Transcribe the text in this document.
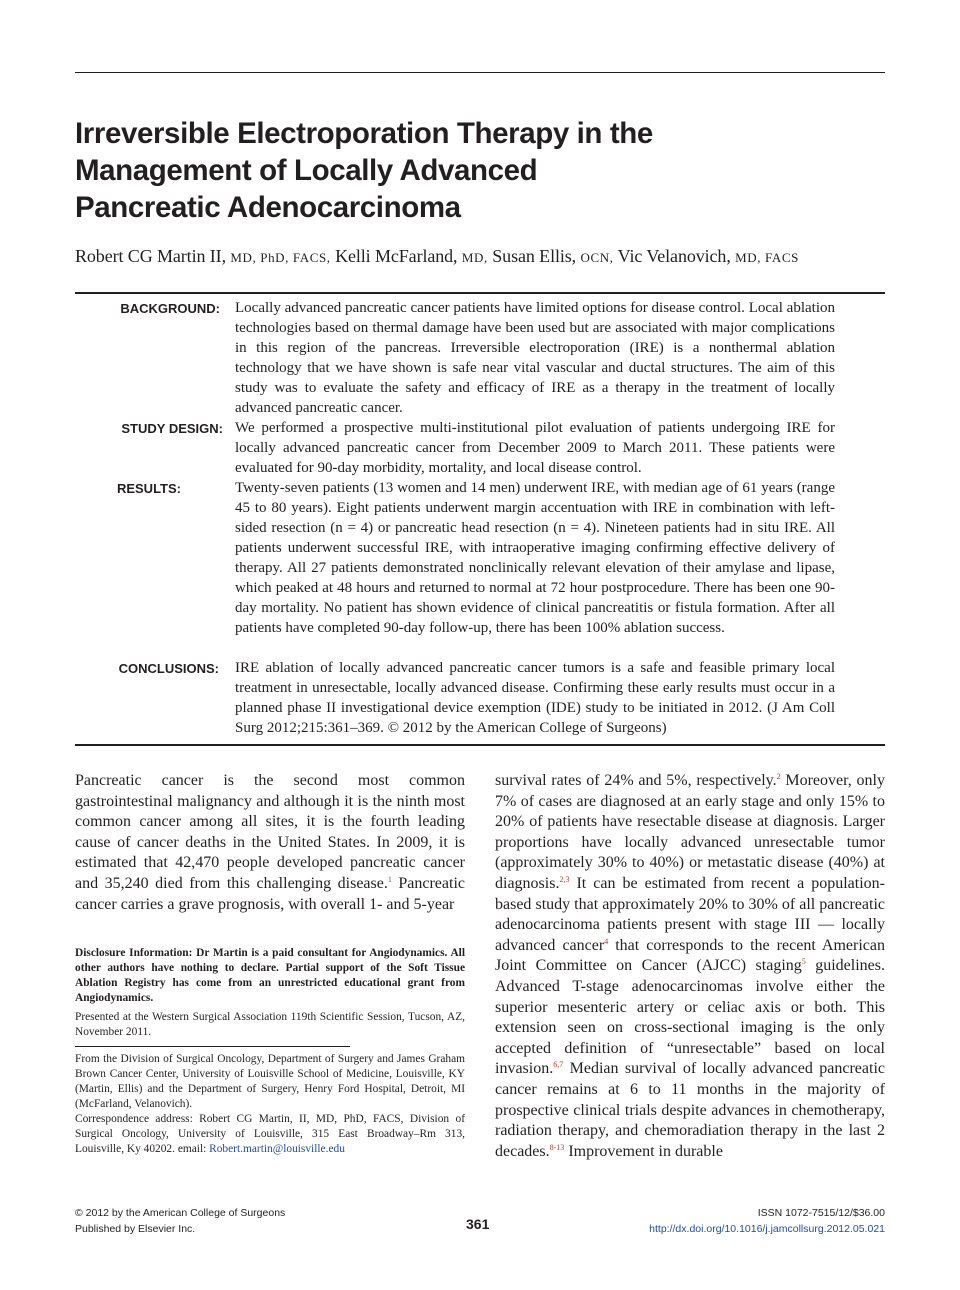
Irreversible Electroporation Therapy in the
Management of Locally Advanced
Pancreatic Adenocarcinoma
Robert CG Martin II, MD, PhD, FACS, Kelli McFarland, MD, Susan Ellis, OCN, Vic Velanovich, MD, FACS
BACKGROUND: Locally advanced pancreatic cancer patients have limited options for disease control. Local ablation technologies based on thermal damage have been used but are associated with major complications in this region of the pancreas. Irreversible electroporation (IRE) is a nonthermal ablation technology that we have shown is safe near vital vascular and ductal structures. The aim of this study was to evaluate the safety and efficacy of IRE as a therapy in the treatment of locally advanced pancreatic cancer.
STUDY DESIGN: We performed a prospective multi-institutional pilot evaluation of patients undergoing IRE for locally advanced pancreatic cancer from December 2009 to March 2011. These patients were evaluated for 90-day morbidity, mortality, and local disease control.
RESULTS:	Twenty-seven patients (13 women and 14 men) underwent IRE, with median age of 61 years (range 45 to 80 years). Eight patients underwent margin accentuation with IRE in combination with left-sided resection (n = 4) or pancreatic head resection (n = 4). Nineteen patients had in situ IRE. All patients underwent successful IRE, with intraoperative imaging confirming effective delivery of therapy. All 27 patients demonstrated nonclinically relevant elevation of their amylase and lipase, which peaked at 48 hours and returned to normal at 72 hour postprocedure. There has been one 90-day mortality. No patient has shown evidence of clinical pancreatitis or fistula formation. After all patients have completed 90-day follow-up, there has been 100% ablation success.
CONCLUSIONS: IRE ablation of locally advanced pancreatic cancer tumors is a safe and feasible primary local treatment in unresectable, locally advanced disease. Confirming these early results must occur in a planned phase II investigational device exemption (IDE) study to be initiated in 2012. (J Am Coll Surg 2012;215:361–369. © 2012 by the American College of Surgeons)

Pancreatic cancer is the second most common gastrointestinal malignancy and although it is the ninth most common cancer among all sites, it is the fourth leading cause of cancer deaths in the United States. In 2009, it is estimated that 42,470 people developed pancreatic cancer and 35,240 died from this challenging disease.$^1$ Pancreatic cancer carries a grave prognosis, with overall 1- and 5-year

Disclosure Information: Dr Martin is a paid consultant for Angiodynamics. All other authors have nothing to declare. Partial support of the Soft Tissue Ablation Registry has come from an unrestricted educational grant from Angiodynamics.

Presented at the Western Surgical Association 119th Scientific Session, Tucson, AZ, November 2011.

From the Division of Surgical Oncology, Department of Surgery and James Graham Brown Cancer Center, University of Louisville School of Medicine, Louisville, KY (Martin, Ellis) and the Department of Surgery, Henry Ford Hospital, Detroit, MI (McFarland, Velanovich).

Correspondence address: Robert CG Martin, II, MD, PhD, FACS, Division of Surgical Oncology, University of Louisville, 315 East Broadway–Rm 313, Louisville, Ky 40202. email: Robert.martin@louisville.edu

survival rates of 24% and 5%, respectively.$^2$ Moreover, only 7% of cases are diagnosed at an early stage and only 15% to 20% of patients have resectable disease at diagnosis. Larger proportions have locally advanced unresectable tumor (approximately 30% to 40%) or metastatic disease (40%) at diagnosis.$^{2,3}$ It can be estimated from recent a population-based study that approximately 20% to 30% of all pancreatic adenocarcinoma patients present with stage III — locally advanced cancer$^4$ that corresponds to the recent American Joint Committee on Cancer (AJCC) staging$^5$ guidelines. Advanced T-stage adenocarcinomas involve either the superior mesenteric artery or celiac axis or both. This extension seen on cross-sectional imaging is the only accepted definition of “unresectable” based on local invasion.$^{6,7}$ Median survival of locally advanced pancreatic cancer remains at 6 to 11 months in the majority of prospective clinical trials despite advances in chemotherapy, radiation therapy, and chemoradiation therapy in the last 2 decades.$^{8-13}$ Improvement in durable

© 2012 by the American College of Surgeons
Published by Elsevier Inc.	361
ISSN 1072-7515/12/$36.00
http://dx.doi.org/10.1016/j.jamcollsurg.2012.05.021
